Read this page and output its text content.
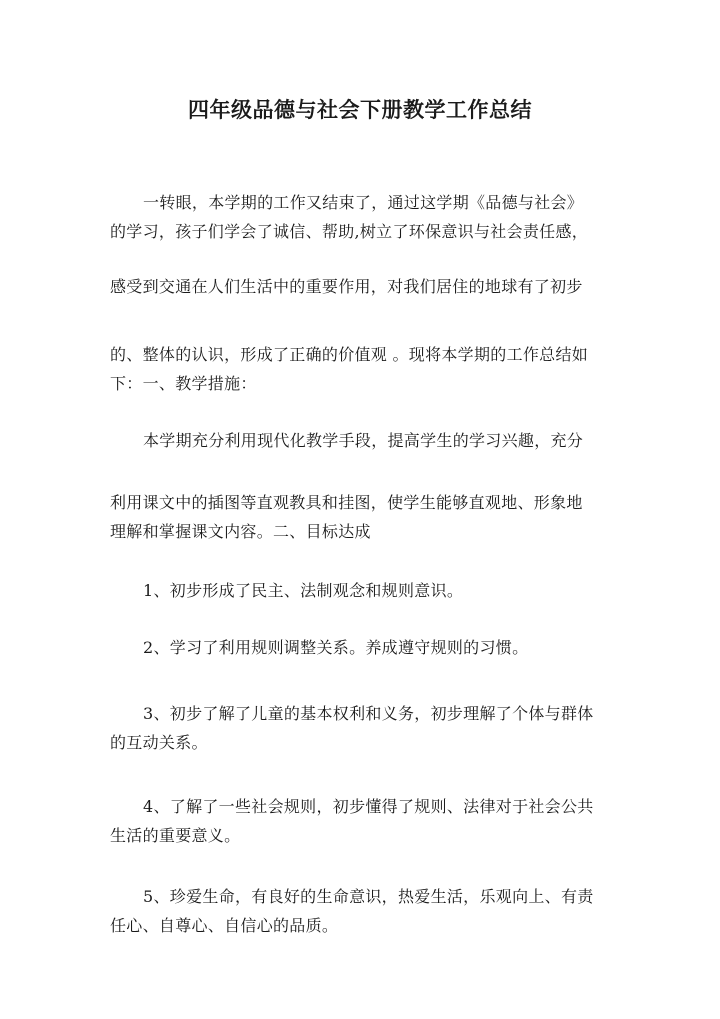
四年级品德与社会下册教学工作总结
一转眼，本学期的工作又结束了，通过这学期《品德与社会》
的学习，孩子们学会了诚信、帮助,树立了环保意识与社会责任感，
感受到交通在人们生活中的重要作用，对我们居住的地球有了初步
的、整体的认识，形成了正确的价值观 。现将本学期的工作总结如
下：一、教学措施：
本学期充分利用现代化教学手段，提高学生的学习兴趣，充分
利用课文中的插图等直观教具和挂图，使学生能够直观地、形象地
理解和掌握课文内容。二、目标达成
1、初步形成了民主、法制观念和规则意识。
2、学习了利用规则调整关系。养成遵守规则的习惯。
3、初步了解了儿童的基本权利和义务，初步理解了个体与群体
的互动关系。
4、了解了一些社会规则，初步懂得了规则、法律对于社会公共
生活的重要意义。
5、珍爱生命，有良好的生命意识，热爱生活，乐观向上、有责
任心、自尊心、自信心的品质。
